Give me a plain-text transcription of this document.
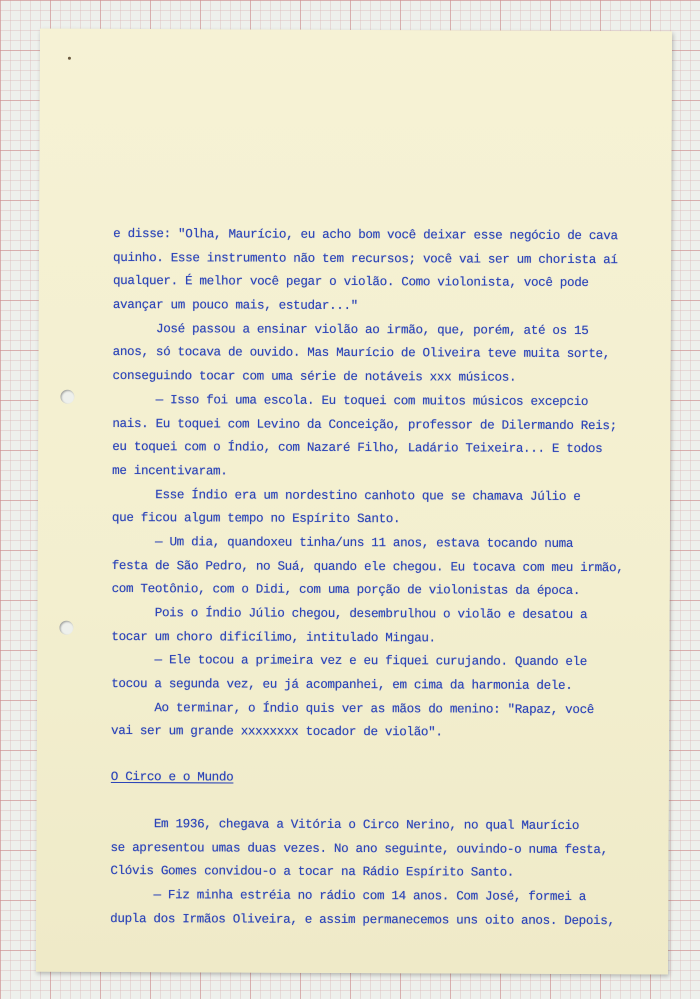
e disse: "Olha, Maurício, eu acho bom você deixar esse negócio de cava
quinho. Esse instrumento não tem recursos; você vai ser um chorista aí
qualquer. É melhor você pegar o violão. Como violonista, você pode
avançar um pouco mais, estudar..."
José passou a ensinar violão ao irmão, que, porém, até os 15
anos, só tocava de ouvido. Mas Maurício de Oliveira teve muita sorte,
conseguindo tocar com uma série de notáveis xxx músicos.
— Isso foi uma escola. Eu toquei com muitos músicos excepcio
nais. Eu toquei com Levino da Conceição, professor de Dilermando Reis;
eu toquei com o Índio, com Nazaré Filho, Ladário Teixeira... E todos
me incentivaram.
Esse Índio era um nordestino canhoto que se chamava Júlio e
que ficou algum tempo no Espírito Santo.
— Um dia, quandoxeu tinha/uns 11 anos, estava tocando numa
festa de São Pedro, no Suá, quando ele chegou. Eu tocava com meu irmão,
com Teotônio, com o Didi, com uma porção de violonistas da época.
Pois o Índio Júlio chegou, desembrulhou o violão e desatou a
tocar um choro dificílimo, intitulado Mingau.
— Ele tocou a primeira vez e eu fiquei curujando. Quando ele
tocou a segunda vez, eu já acompanhei, em cima da harmonia dele.
Ao terminar, o Índio quis ver as mãos do menino: "Rapaz, você
vai ser um grande xxxxxxxx tocador de violão".
O Circo e o Mundo
Em 1936, chegava a Vitória o Circo Nerino, no qual Maurício
se apresentou umas duas vezes. No ano seguinte, ouvindo-o numa festa,
Clóvis Gomes convidou-o a tocar na Rádio Espírito Santo.
— Fiz minha estréia no rádio com 14 anos. Com José, formei a
dupla dos Irmãos Oliveira, e assim permanecemos uns oito anos. Depois,
